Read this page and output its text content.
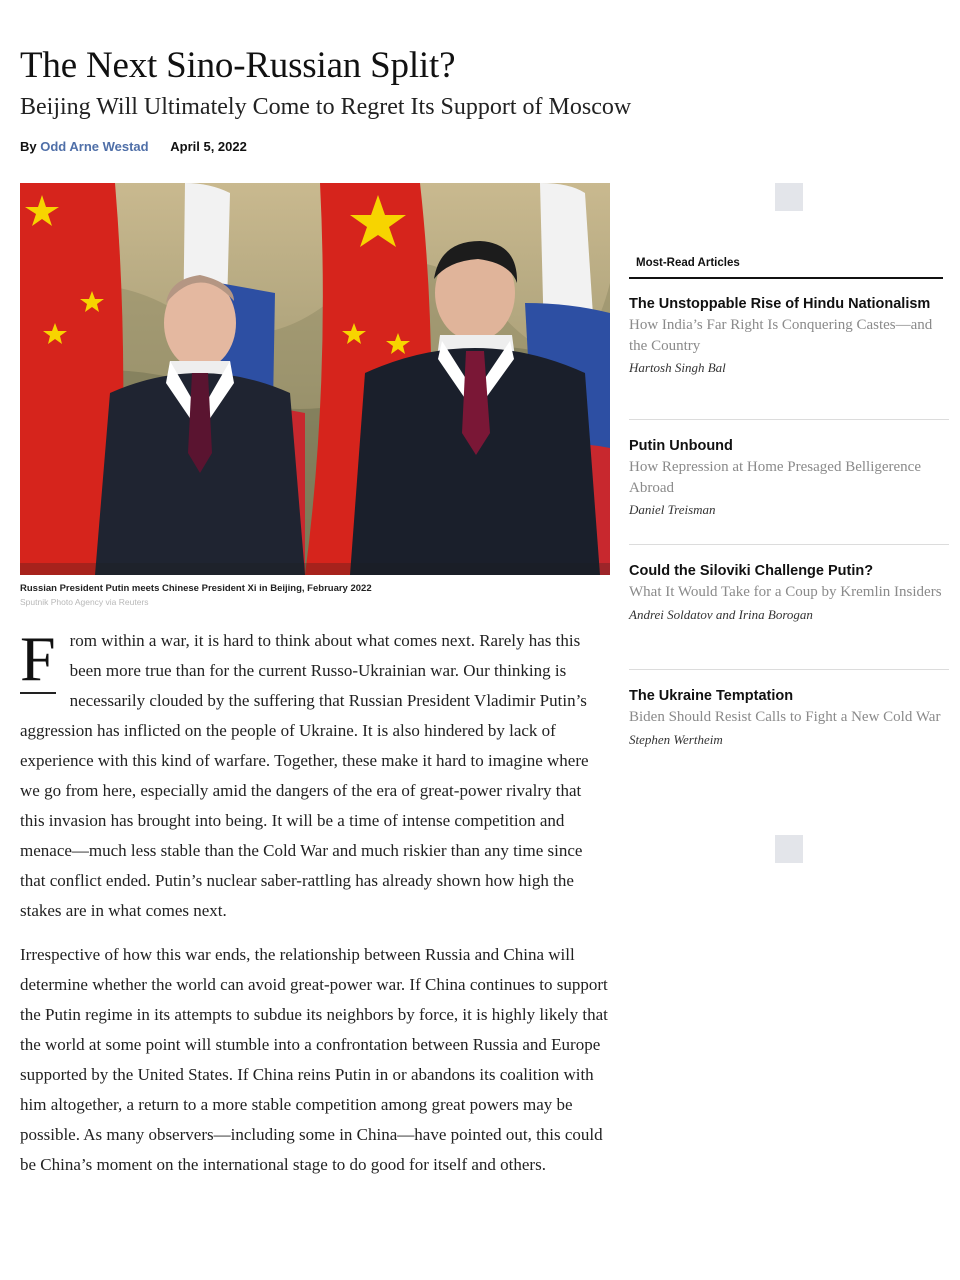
The Next Sino-Russian Split?
Beijing Will Ultimately Come to Regret Its Support of Moscow
By Odd Arne Westad April 5, 2022
Russian President Putin meets Chinese President Xi in Beijing, February 2022
Sputnik Photo Agency via Reuters

F rom within a war, it is hard to think about what comes next. Rarely has this been more true than for the current Russo-Ukrainian war. Our thinking is necessarily clouded by the suffering that Russian President Vladimir Putin’s aggression has inflicted on the people of Ukraine. It is also hindered by lack of experience with this kind of warfare. Together, these make it hard to imagine where we go from here, especially amid the dangers of the era of great-power rivalry that this invasion has brought into being. It will be a time of intense competition and menace—much less stable than the Cold War and much riskier than any time since that conflict ended. Putin’s nuclear saber-rattling has already shown how high the stakes are in what comes next.

Irrespective of how this war ends, the relationship between Russia and China will determine whether the world can avoid great-power war. If China continues to support the Putin regime in its attempts to subdue its neighbors by force, it is highly likely that the world at some point will stumble into a confrontation between Russia and Europe supported by the United States. If China reins Putin in or abandons its coalition with him altogether, a return to a more stable competition among great powers may be possible. As many observers—including some in China—have pointed out, this could be China’s moment on the international stage to do good for itself and others.

Most-Read Articles
The Unstoppable Rise of Hindu Nationalism
How India’s Far Right Is Conquering Castes—and the Country
Hartosh Singh Bal
Putin Unbound
How Repression at Home Presaged Belligerence Abroad
Daniel Treisman
Could the Siloviki Challenge Putin?
What It Would Take for a Coup by Kremlin Insiders
Andrei Soldatov and Irina Borogan
The Ukraine Temptation
Biden Should Resist Calls to Fight a New Cold War
Stephen Wertheim
